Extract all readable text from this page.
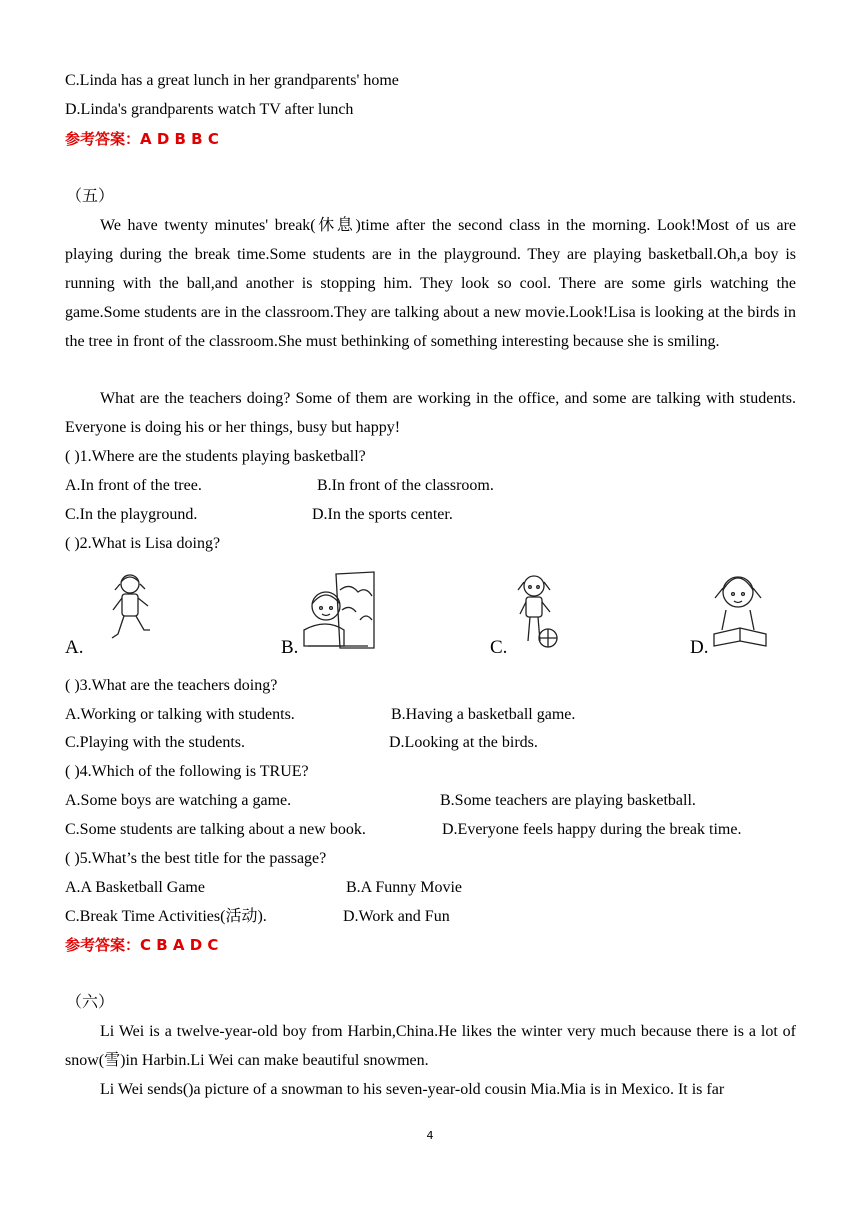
C.Linda has a great lunch in her grandparents' home
D.Linda's grandparents watch TV after lunch
参考答案：A D B B C
（五）

We have twenty minutes' break(休息)time after the second class in the morning. Look!Most of us are playing during the break time.Some students are in the playground. They are playing basketball.Oh,a boy is running with the ball,and another is stopping him. They look so cool. There are some girls watching the game.Some students are in the classroom.They are talking about a new movie.Look!Lisa is looking at the birds in the tree in front of the classroom.She must bethinking of something interesting because she is smiling.

What are the teachers doing? Some of them are working in the office, and some are talking with students. Everyone is doing his or her things, busy but happy!

( )1.Where are the students playing basketball?
A.In front of the tree.	B.In front of the classroom.
C.In the playground.	D.In the sports center.
( )2.What is Lisa doing?
A.	B.	C.	D.
( )3.What are the teachers doing?
A.Working or talking with students.	B.Having a basketball game.
C.Playing with the students.	D.Looking at the birds.
( )4.Which of the following is TRUE?
A.Some boys are watching a game.	B.Some teachers are playing basketball.
C.Some students are talking about a new book.	D.Everyone feels happy during the break time.
( )5.What’s the best title for the passage?
A.A Basketball Game	B.A Funny Movie
C.Break Time Activities(活动).	D.Work and Fun
参考答案：C B A D C
（六）

Li Wei is a twelve-year-old boy from Harbin,China.He likes the winter very much because there is a lot of snow(雪)in Harbin.Li Wei can make beautiful snowmen.

Li Wei sends()a picture of a snowman to his seven-year-old cousin Mia.Mia is in Mexico. It is far

4
